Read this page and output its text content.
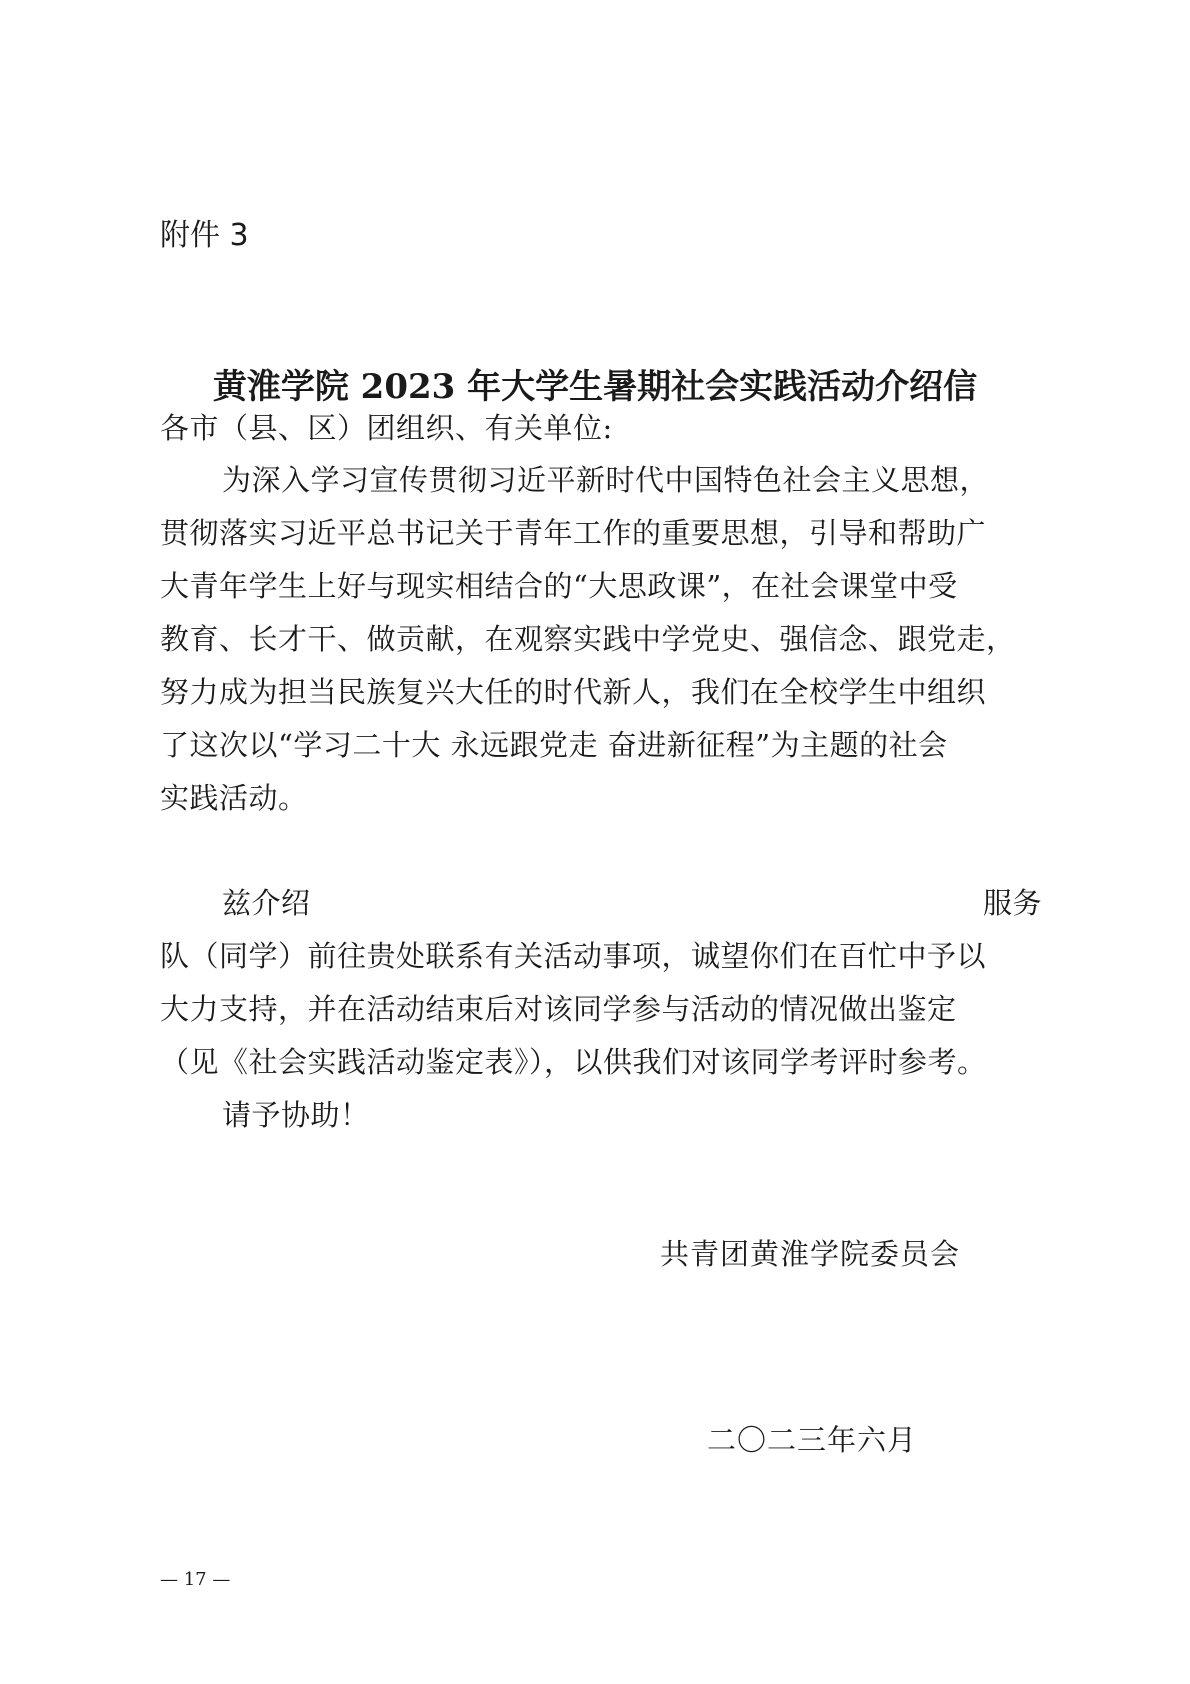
附件 3
黄淮学院 2023 年大学生暑期社会实践活动介绍信
各市（县、区）团组织、有关单位:
为深入学习宣传贯彻习近平新时代中国特色社会主义思想，
贯彻落实习近平总书记关于青年工作的重要思想，引导和帮助广
大青年学生上好与现实相结合的“大思政课”，在社会课堂中受
教育、长才干、做贡献，在观察实践中学党史、强信念、跟党走，
努力成为担当民族复兴大任的时代新人，我们在全校学生中组织
了这次以“学习二十大 永远跟党走 奋进新征程”为主题的社会
实践活动。
兹介绍	服务
队（同学）前往贵处联系有关活动事项，诚望你们在百忙中予以
大力支持，并在活动结束后对该同学参与活动的情况做出鉴定
（见《社会实践活动鉴定表》），以供我们对该同学考评时参考。
请予协助！
共青团黄淮学院委员会
二〇二三年六月
— 17 —
